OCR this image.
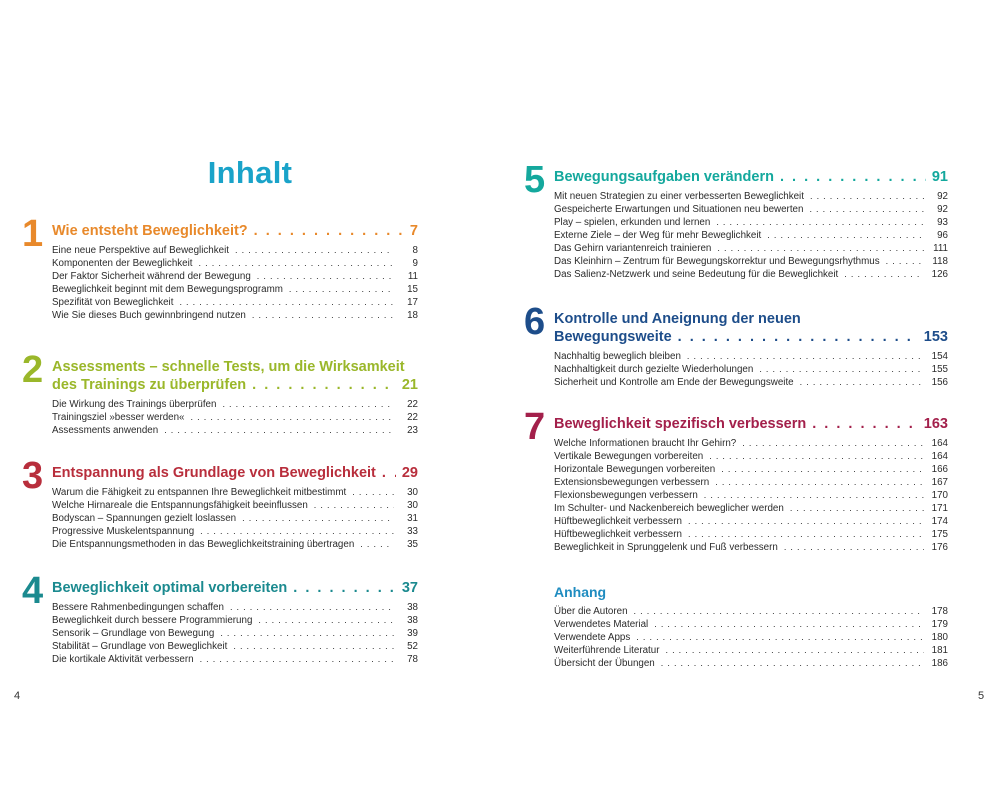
Inhalt
1 Wie entsteht Beweglichkeit? . . .	7
Eine neue Perspektive auf Beweglichkeit . . .	8
Komponenten der Beweglichkeit . . .	9
Der Faktor Sicherheit während der Bewegung . . .	11
Beweglichkeit beginnt mit dem Bewegungsprogramm . . .	15
Spezifität von Beweglichkeit . . .	17
Wie Sie dieses Buch gewinnbringend nutzen . . .	18
2 Assessments – schnelle Tests, um die Wirksamkeit
des Trainings zu überprüfen . . .	21
Die Wirkung des Trainings überprüfen . . .	22
Trainingsziel »besser werden« . . .	22
Assessments anwenden . . .	23
3 Entspannung als Grundlage von Beweglichkeit . . . 29
Warum die Fähigkeit zu entspannen Ihre Beweglichkeit mitbestimmt . . .	30
Welche Hirnareale die Entspannungsfähigkeit beeinflussen . . .	30
Bodyscan – Spannungen gezielt loslassen . . .	31
Progressive Muskelentspannung . . .	33
Die Entspannungsmethoden in das Beweglichkeitstraining übertragen . . .	35
4 Beweglichkeit optimal vorbereiten . . .	37
Bessere Rahmenbedingungen schaffen . . .	38
Beweglichkeit durch bessere Programmierung . . .	38
Sensorik – Grundlage von Bewegung . . .	39
Stabilität – Grundlage von Beweglichkeit . . .	52
Die kortikale Aktivität verbessern . . .	78
4
5 Bewegungsaufgaben verändern . . .	91
Mit neuen Strategien zu einer verbesserten Beweglichkeit . . .	92
Gespeicherte Erwartungen und Situationen neu bewerten . . .	92
Play – spielen, erkunden und lernen . . .	93
Externe Ziele – der Weg für mehr Beweglichkeit . . .	96
Das Gehirn variantenreich trainieren . . .	111
Das Kleinhirn – Zentrum für Bewegungskorrektur und Bewegungsrhythmus . . .	118
Das Salienz-Netzwerk und seine Bedeutung für die Beweglichkeit . . .	126
6 Kontrolle und Aneignung der neuen
Bewegungsweite . . .	153
Nachhaltig beweglich bleiben . . .	154
Nachhaltigkeit durch gezielte Wiederholungen . . .	155
Sicherheit und Kontrolle am Ende der Bewegungsweite . . .	156
7 Beweglichkeit spezifisch verbessern . . .	163
Welche Informationen braucht Ihr Gehirn? . . .	164
Vertikale Bewegungen vorbereiten . . .	164
Horizontale Bewegungen vorbereiten . . .	166
Extensionsbewegungen verbessern . . .	167
Flexionsbewegungen verbessern . . .	170
Im Schulter- und Nackenbereich beweglicher werden . . .	171
Hüftbeweglichkeit verbessern . . .	174
Hüftbeweglichkeit verbessern . . .	175
Beweglichkeit in Sprunggelenk und Fuß verbessern . . .	176
Anhang
Über die Autoren . . .	178
Verwendetes Material . . .	179
Verwendete Apps . . .	180
Weiterführende Literatur . . .	181
Übersicht der Übungen . . .	186
5
